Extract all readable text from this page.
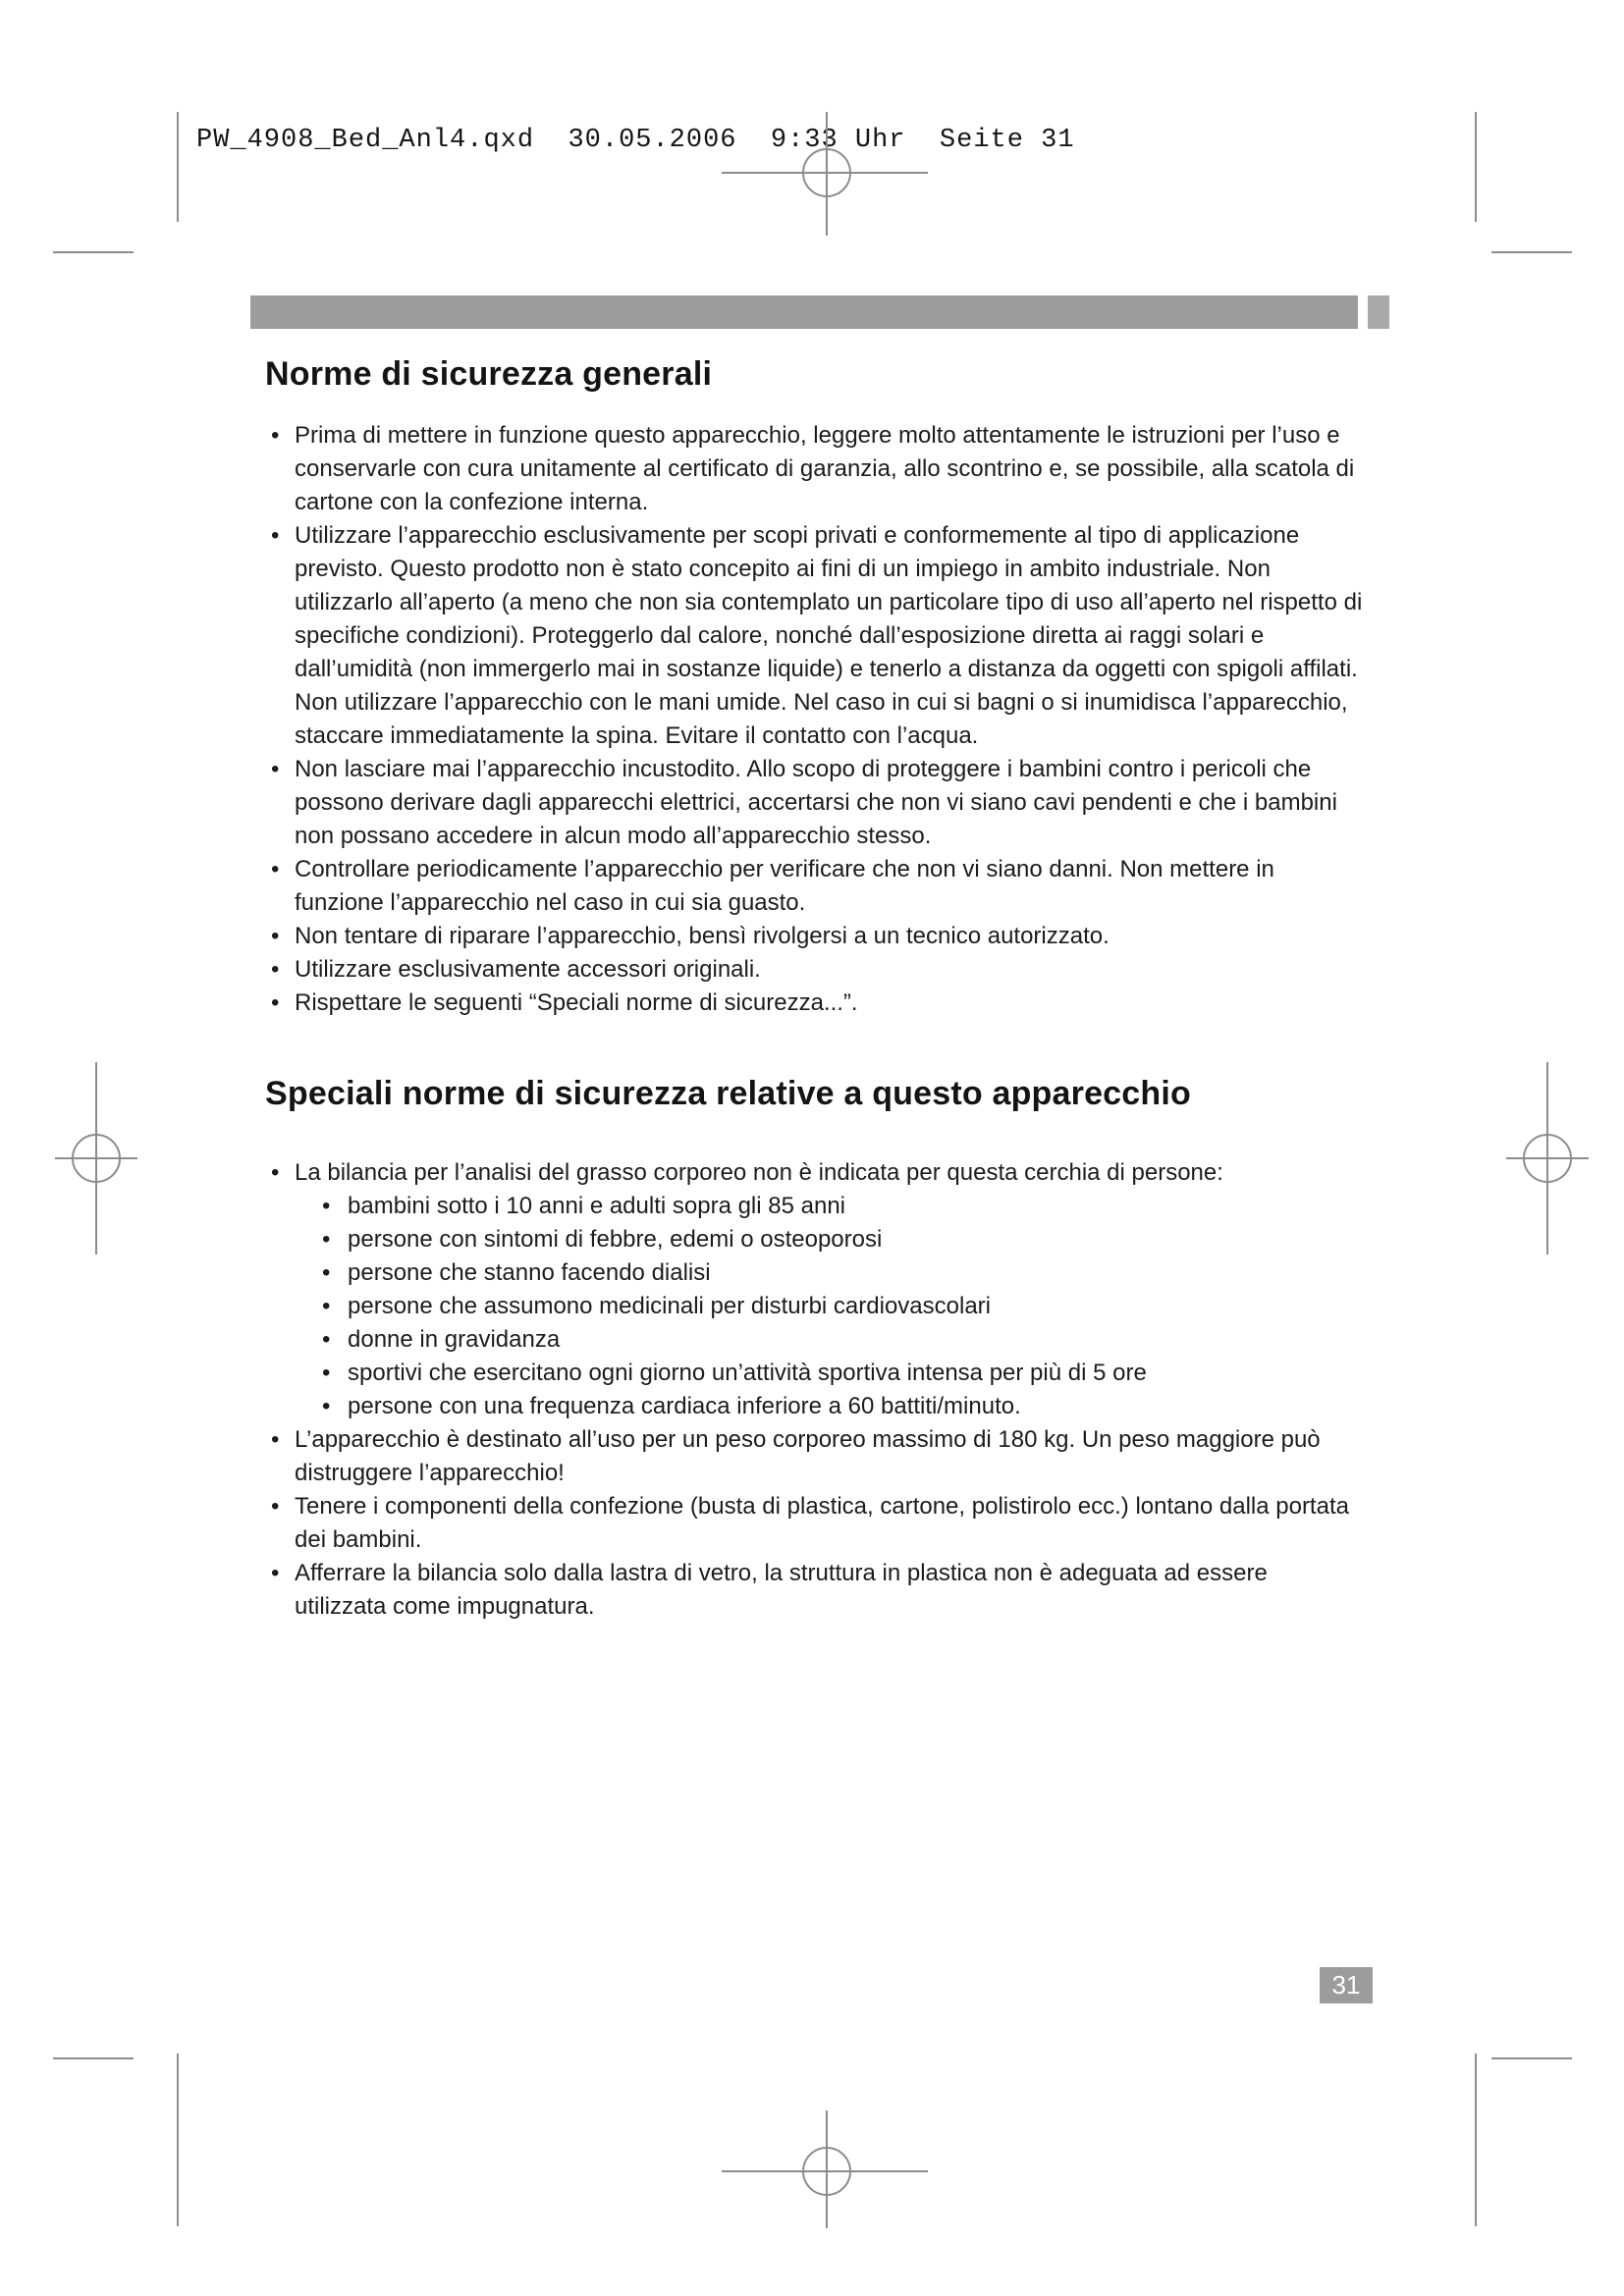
PW_4908_Bed_Anl4.qxd  30.05.2006  9:33 Uhr  Seite 31
Norme di sicurezza generali
• Prima di mettere in funzione questo apparecchio, leggere molto attentamente le istruzioni per l’uso e conservarle con cura unitamente al certificato di garanzia, allo scontrino e, se possibile, alla scatola di cartone con la confezione interna.
• Utilizzare l’apparecchio esclusivamente per scopi privati e conformemente al tipo di applicazione previsto. Questo prodotto non è stato concepito ai fini di un impiego in ambito industriale. Non utilizzarlo all’aperto (a meno che non sia contemplato un particolare tipo di uso all’aperto nel rispetto di specifiche condizioni). Proteggerlo dal calore, nonché dall’esposizione diretta ai raggi solari e dall’umidità (non immergerlo mai in sostanze liquide) e tenerlo a distanza da oggetti con spigoli affilati. Non utilizzare l’apparecchio con le mani umide. Nel caso in cui si bagni o si inumidisca l’apparecchio, staccare immediatamente la spina. Evitare il contatto con l’acqua.
• Non lasciare mai l’apparecchio incustodito. Allo scopo di proteggere i bambini contro i pericoli che possono derivare dagli apparecchi elettrici, accertarsi che non vi siano cavi pendenti e che i bambini non possano accedere in alcun modo all’apparecchio stesso.
• Controllare periodicamente l’apparecchio per verificare che non vi siano danni. Non mettere in funzione l’apparecchio nel caso in cui sia guasto.
• Non tentare di riparare l’apparecchio, bensì rivolgersi a un tecnico autorizzato.
• Utilizzare esclusivamente accessori originali.
• Rispettare le seguenti “Speciali norme di sicurezza...”.
Speciali norme di sicurezza relative a questo apparecchio
• La bilancia per l’analisi del grasso corporeo non è indicata per questa cerchia di persone:
• bambini sotto i 10 anni e adulti sopra gli 85 anni
• persone con sintomi di febbre, edemi o osteoporosi
• persone che stanno facendo dialisi
• persone che assumono medicinali per disturbi cardiovascolari
• donne in gravidanza
• sportivi che esercitano ogni giorno un’attività sportiva intensa per più di 5 ore
• persone con una frequenza cardiaca inferiore a 60 battiti/minuto.
• L’apparecchio è destinato all’uso per un peso corporeo massimo di 180 kg. Un peso maggiore può distruggere l’apparecchio!
• Tenere i componenti della confezione (busta di plastica, cartone, polistirolo ecc.) lontano dalla portata dei bambini.
• Afferrare la bilancia solo dalla lastra di vetro, la struttura in plastica non è adeguata ad essere utilizzata come impugnatura.
31
